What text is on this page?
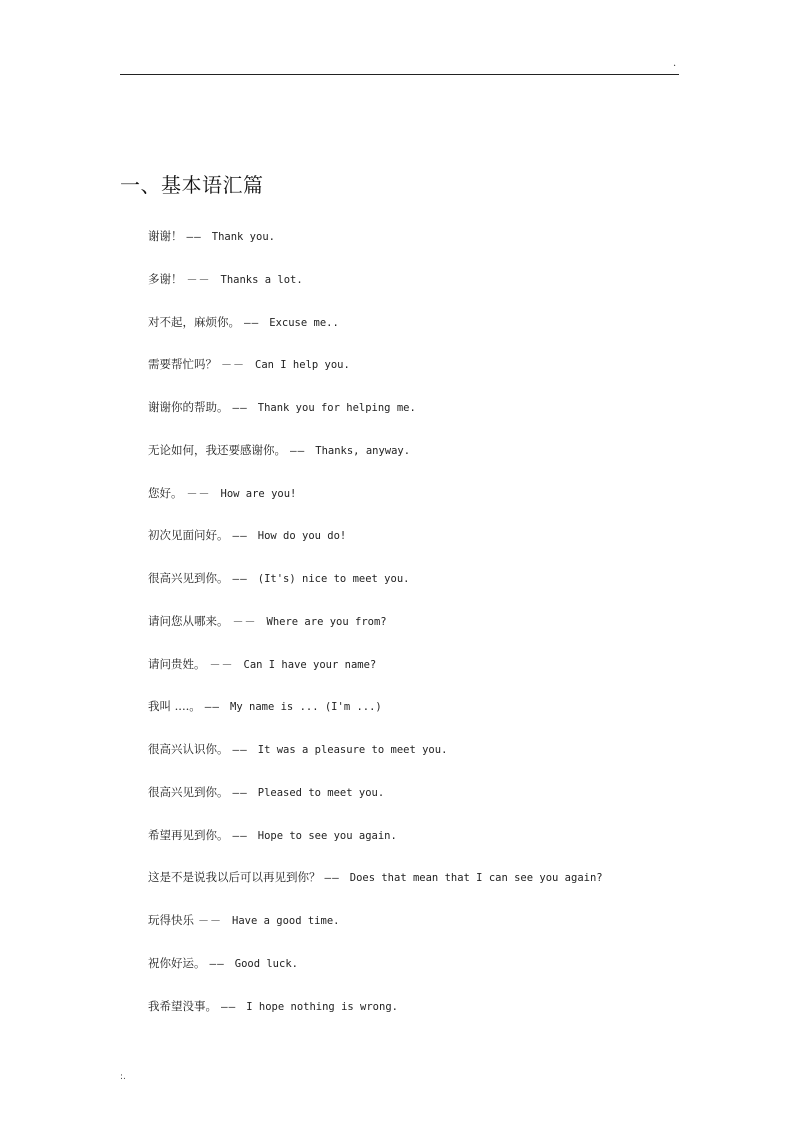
.
一、基本语汇篇
谢谢！ —— Thank you.
多谢！ －－ Thanks a lot.
对不起，麻烦你。 —— Excuse me..
需要帮忙吗？ －－ Can I help you.
谢谢你的帮助。 —— Thank you for helping me.
无论如何，我还要感谢你。 —— Thanks, anyway.
您好。 －－ How are you!
初次见面问好。 —— How do you do!
很高兴见到你。 —— (It's) nice to meet you.
请问您从哪来。 －－ Where are you from?
请问贵姓。 －－ Can I have your name?
我叫 ....。 —— My name is ... (I'm ...)
很高兴认识你。 —— It was a pleasure to meet you.
很高兴见到你。 —— Pleased to meet you.
希望再见到你。 —— Hope to see you again.
这是不是说我以后可以再见到你？ —— Does that mean that I can see you again?
玩得快乐 －－ Have a good time.
祝你好运。 —— Good luck.
我希望没事。 —— I hope nothing is wrong.
:.
